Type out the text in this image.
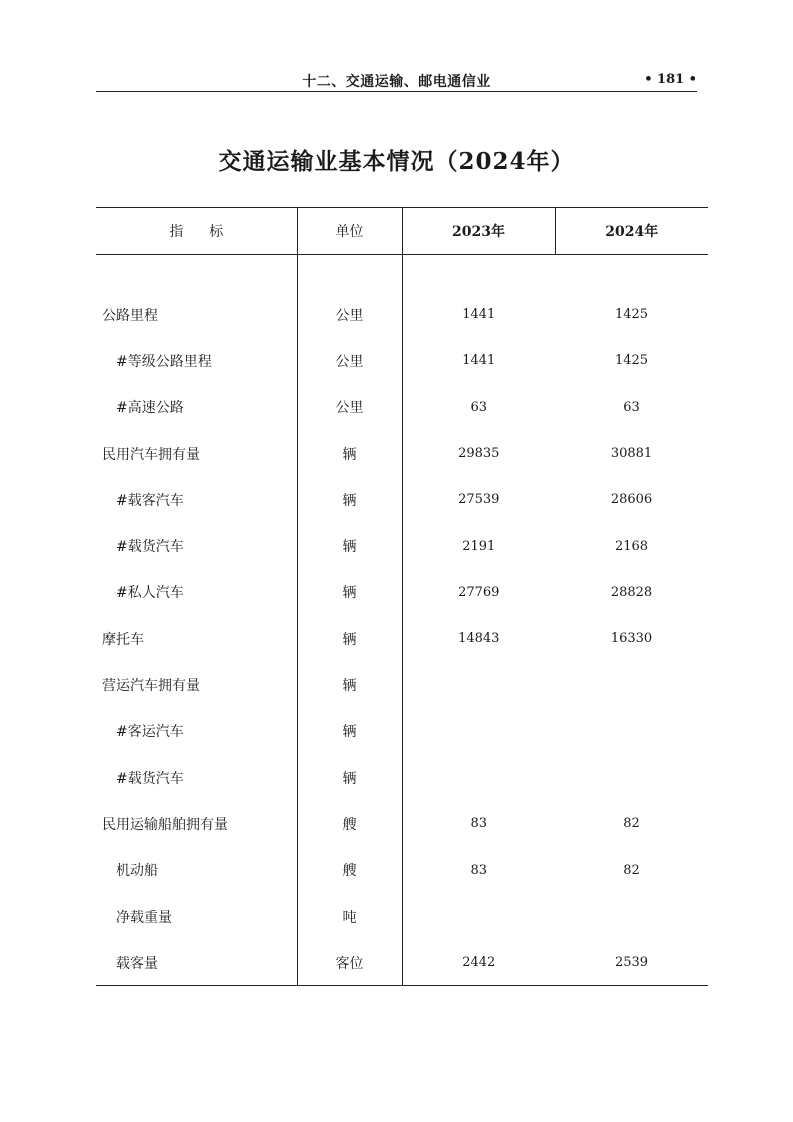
十二、交通运输、邮电通信业	• 181 •
交通运输业基本情况（2024年）
指标	单位	2023年	2024年

公路里程	公里	1441	1425
#等级公路里程	公里	1441	1425
#高速公路	公里	63	63
民用汽车拥有量	辆	29835	30881
#载客汽车	辆	27539	28606
#载货汽车	辆	2191	2168
#私人汽车	辆	27769	28828
摩托车	辆	14843	16330
营运汽车拥有量	辆		
#客运汽车	辆		
#载货汽车	辆		
民用运输船舶拥有量	艘	83	82
机动船	艘	83	82
净载重量	吨		
载客量	客位	2442	2539
